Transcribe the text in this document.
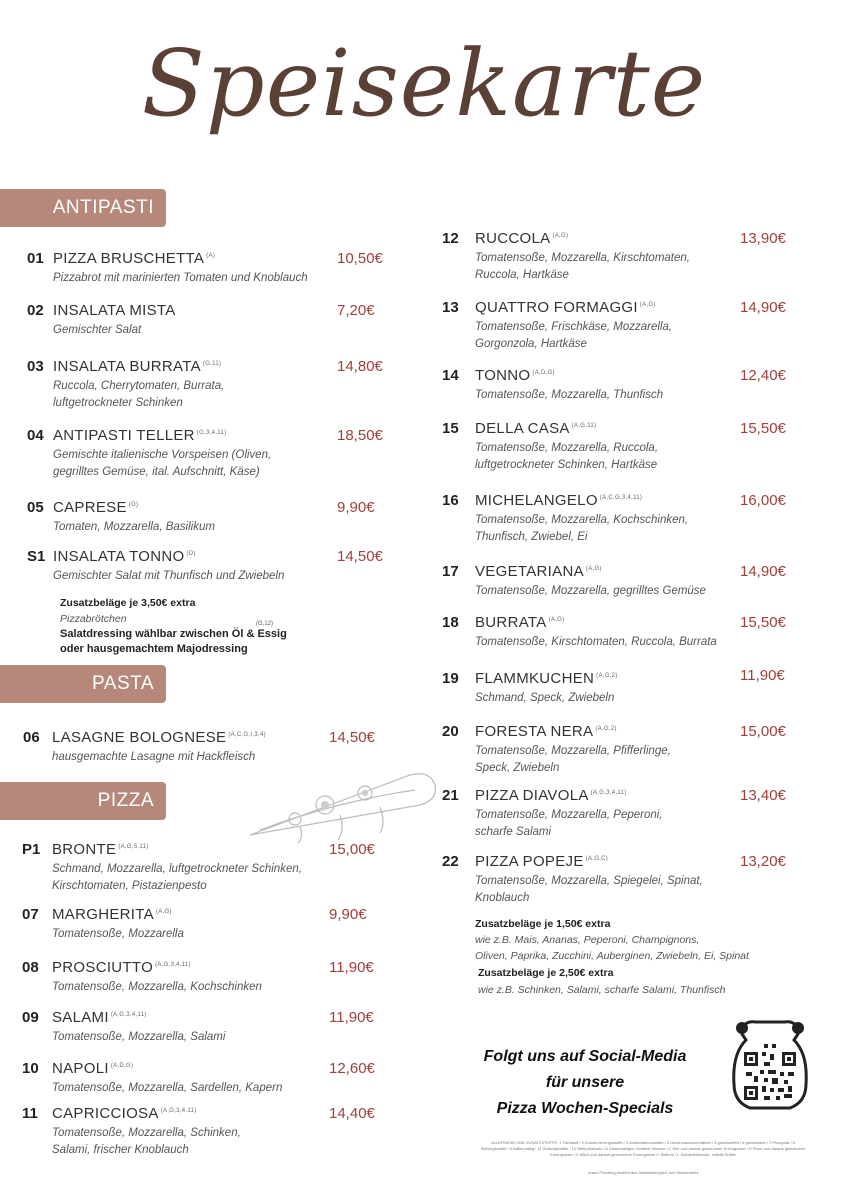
Speisekarte
ANTIPASTI
PASTA
PIZZA
01 PIZZA BRUSCHETTA $^{(A)}$	10,50€
Pizzabrot mit marinierten Tomaten und Knoblauch
02 INSALATA MISTA	7,20€
Gemischter Salat
03 INSALATA BURRATA $^{(G,11)}$	14,80€
Ruccola, Cherrytomaten, Burrata,
luftgetrockneter Schinken
04 ANTIPASTI TELLER $^{(G,3,4,11)}$	18,50€
Gemischte italienische Vorspeisen (Oliven,
gegrilltes Gemüse, ital. Aufschnitt, Käse)
05 CAPRESE $^{(G)}$	9,90€
Tomaten, Mozzarella, Basilikum
S1 INSALATA TONNO $^{(D)}$	14,50€
Gemischter Salat mit Thunfisch und Zwiebeln
Zusatzbeläge je 3,50€ extra
Pizzabrötchen	(G,12)
Salatdressing wählbar zwischen Öl & Essig
oder hausgemachtem Majodressing
06 LASAGNE BOLOGNESE $^{(A,C,G,I,3,4)}$	14,50€
hausgemachte Lasagne mit Hackfleisch
P1 BRONTE $^{(A,G,5,11)}$	15,00€
Schmand, Mozzarella, luftgetrockneter Schinken,
Kirschtomaten, Pistazienpesto
07 MARGHERITA $^{(A,G)}$	9,90€
Tomatensoße, Mozzarella
08 PROSCIUTTO $^{(A,G,3,4,11)}$	11,90€
Tomatensoße, Mozzarella, Kochschinken
09 SALAMI $^{(A,G,3,4,11)}$	11,90€
Tomatensoße, Mozzarella, Salami
10 NAPOLI $^{(A,D,G)}$	12,60€
Tomatensoße, Mozzarella, Sardellen, Kapern
11 CAPRICCIOSA $^{(A,G,3,4,11)}$	14,40€
Tomatensoße, Mozzarella, Schinken,
Salami, frischer Knoblauch
12 RUCCOLA $^{(A,G)}$	13,90€
Tomatensoße, Mozzarella, Kirschtomaten,
Ruccola, Hartkäse
13 QUATTRO FORMAGGI $^{(A,G)}$	14,90€
Tomatensoße, Frischkäse, Mozzarella,
Gorgonzola, Hartkäse
14 TONNO $^{(A,D,G)}$	12,40€
Tomatensoße, Mozzarella, Thunfisch
15 DELLA CASA $^{(A,G,11)}$	15,50€
Tomatensoße, Mozzarella, Ruccola,
luftgetrockneter Schinken, Hartkäse
16 MICHELANGELO $^{(A,C,G,3,4,11)}$	16,00€
Tomatensoße, Mozzarella, Kochschinken,
Thunfisch, Zwiebel, Ei
17 VEGETARIANA $^{(A,G)}$	14,90€
Tomatensoße, Mozzarella, gegrilltes Gemüse
18 BURRATA $^{(A,G)}$	15,50€
Tomatensoße, Kirschtomaten, Ruccola, Burrata
19 FLAMMKUCHEN $^{(A,G,2)}$	11,90€
Schmand, Speck, Zwiebeln
20 FORESTA NERA $^{(A,G,2)}$	15,00€
Tomatensoße, Mozzarella, Pfifferlinge,
Speck, Zwiebeln
21 PIZZA DIAVOLA $^{(A,G,3,4,11)}$	13,40€
Tomatensoße, Mozzarella, Peperoni,
scharfe Salami
22 PIZZA POPEJE $^{(A,G,C)}$	13,20€
Tomatensoße, Mozzarella, Spiegelei, Spinat,
Knoblauch
Zusatzbeläge je 1,50€ extra
wie z.B. Mais, Ananas, Peperoni, Champignons,
Oliven, Paprika, Zucchini, Auberginen, Zwiebeln, Ei, Spinat
Zusatzbeläge je 2,50€ extra
wie z.B. Schinken, Salami, scharfe Salami, Thunfisch
Folgt uns auf Social-Media
für unsere
Pizza Wochen-Specials
ALLERGENE UND ZUSATZSTOFFE: 1 Farbstoff / 2 Konservierungsstoffe / 3 Antioxidationsmittel / 4 Geschmacksverstärker / 5 geschwefelt / 6 geschwärzt / 7 Phosphat / 8 Süßungsmittel / 9 koffeinhaltig / 11 Süßungsmittel / 12 Nitritpökelsalz / A Glutenhaltiges Getreide Weizen / C Eier und daraus gewonnene Erzeugnisse / D Fisch und daraus gewonnene Erzeugnisse / G Milch und daraus gewonnene Erzeugnisse / I Sellerie / L Schwefeldioxide, enthält Sulfite
Unser Pizzateig besteht aus Hartweizengrieß und Weizenmehl
